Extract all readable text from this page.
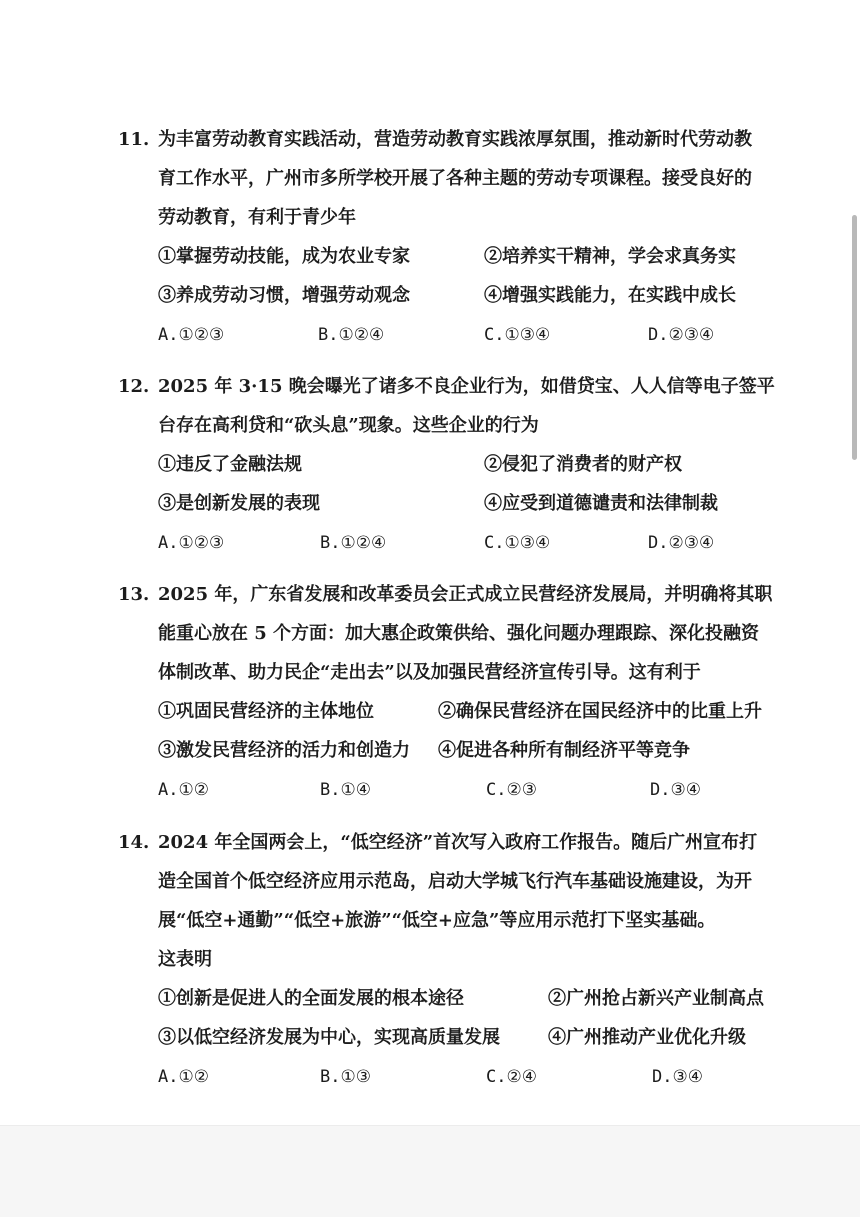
11. 为丰富劳动教育实践活动，营造劳动教育实践浓厚氛围，推动新时代劳动教
育工作水平，广州市多所学校开展了各种主题的劳动专项课程。接受良好的
劳动教育，有利于青少年
①掌握劳动技能，成为农业专家	②培养实干精神，学会求真务实
③养成劳动习惯，增强劳动观念	④增强实践能力，在实践中成长
A.①②③	B.①②④	C.①③④	D.②③④
12. 2025 年 3·15 晚会曝光了诸多不良企业行为，如借贷宝、人人信等电子签平
台存在高利贷和“砍头息”现象。这些企业的行为
①违反了金融法规	②侵犯了消费者的财产权
③是创新发展的表现	④应受到道德谴责和法律制裁
A.①②③	B.①②④	C.①③④	D.②③④
13. 2025 年，广东省发展和改革委员会正式成立民营经济发展局，并明确将其职
能重心放在 5 个方面：加大惠企政策供给、强化问题办理跟踪、深化投融资
体制改革、助力民企“走出去”以及加强民营经济宣传引导。这有利于
①巩固民营经济的主体地位	②确保民营经济在国民经济中的比重上升
③激发民营经济的活力和创造力 ④促进各种所有制经济平等竞争
A.①②	B.①④	C.②③	D.③④
14. 2024 年全国两会上，“低空经济”首次写入政府工作报告。随后广州宣布打
造全国首个低空经济应用示范岛，启动大学城飞行汽车基础设施建设，为开
展“低空+通勤”“低空+旅游”“低空+应急”等应用示范打下坚实基础。
这表明
①创新是促进人的全面发展的根本途径	②广州抢占新兴产业制高点
③以低空经济发展为中心，实现高质量发展	④广州推动产业优化升级
A.①②	B.①③	C.②④	D.③④
